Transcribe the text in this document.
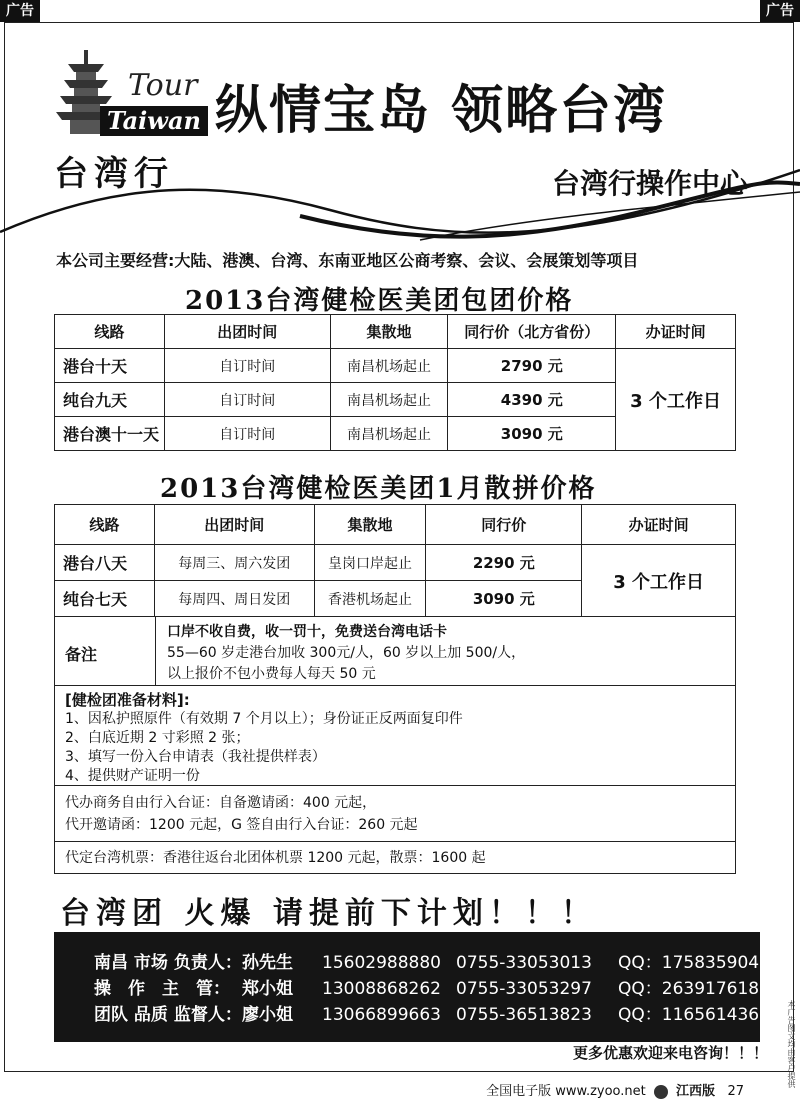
广告	广告
Tour
Taiwan
台湾行
纵情宝岛 领略台湾
台湾行操作中心
本公司主要经营:大陆、港澳、台湾、东南亚地区公商考察、会议、会展策划等项目
2013台湾健检医美团包团价格
线路	出团时间	集散地	同行价（北方省份）	办证时间
港台十天	自订时间	南昌机场起止	2790 元	3 个工作日
纯台九天	自订时间	南昌机场起止	4390 元	
港台澳十一天	自订时间	南昌机场起止	3090 元	
2013台湾健检医美团1月散拼价格
线路	出团时间	集散地	同行价	办证时间
港台八天	每周三、周六发团	皇岗口岸起止	2290 元	3 个工作日
纯台七天	每周四、周日发团	香港机场起止	3090 元	
备注
口岸不收自费，收一罚十，免费送台湾电话卡
55—60 岁走港台加收 300元/人，60 岁以上加 500/人，
以上报价不包小费每人每天 50 元
[健检团准备材料]:
1、因私护照原件（有效期 7 个月以上）；身份证正反两面复印件
2、白底近期 2 寸彩照 2 张；
3、填写一份入台申请表（我社提供样表）
4、提供财产证明一份
代办商务自由行入台证：自备邀请函：400 元起，
代开邀请函：1200 元起，G 签自由行入台证：260 元起
代定台湾机票：香港往返台北团体机票 1200 元起，散票：1600 起
台湾团 火爆 请提前下计划！！！
南昌 市场 负责人：孙先生 15602988880 0755-33053013 QQ：1758359040
操　作　主　管： 郑小姐 13008868262 0755-33053297 QQ：2639176188
团队 品质 监督人：廖小姐 13066899663 0755-36513823 QQ：1165614367
更多优惠欢迎来电咨询！！！ 本广告图文均由客户提供
全国电子版 www.zyoo.net 江西版 27
